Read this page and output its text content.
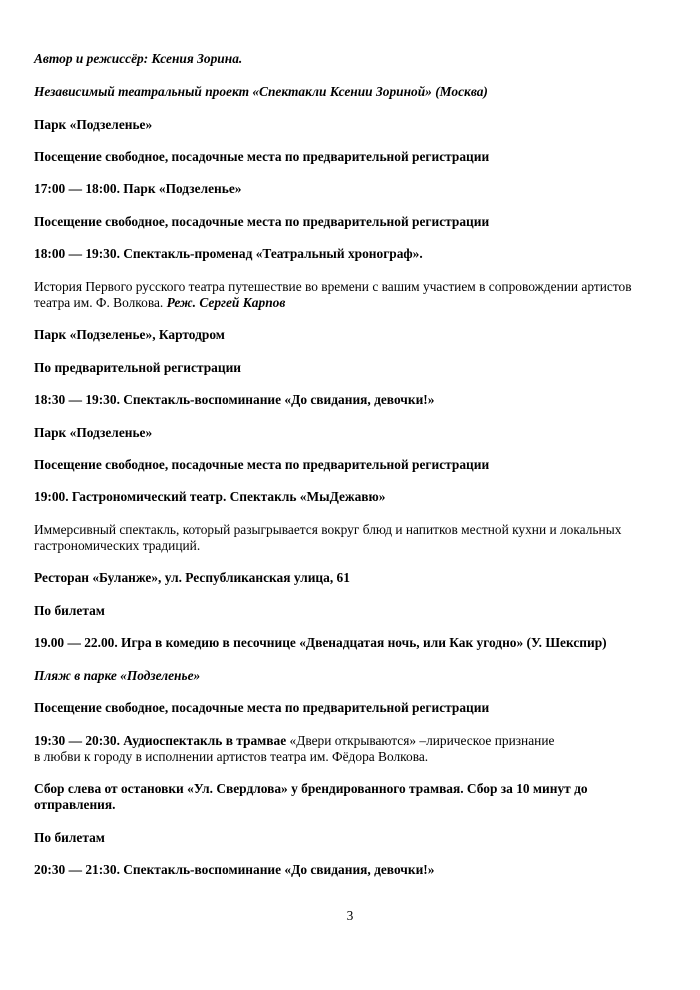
Автор и режиссёр: Ксения Зорина.

Независимый театральный проект «Спектакли Ксении Зориной» (Москва)

Парк «Подзеленье»

Посещение свободное, посадочные места по предварительной регистрации

17:00 — 18:00. Парк «Подзеленье»

Посещение свободное, посадочные места по предварительной регистрации

18:00 — 19:30. Спектакль-променад «Театральный хронограф».

История Первого русского театра путешествие во времени с вашим участием в сопровождении артистов
театра им. Ф. Волкова. Реж. Сергей Карпов

Парк «Подзеленье», Картодром

По предварительной регистрации

18:30 — 19:30. Спектакль-воспоминание «До свидания, девочки!»

Парк «Подзеленье»

Посещение свободное, посадочные места по предварительной регистрации

19:00. Гастрономический театр. Спектакль «МыДежавю»

Иммерсивный спектакль, который разыгрывается вокруг блюд и напитков местной кухни и локальных
гастрономических традиций.

Ресторан «Буланже», ул. Республиканская улица, 61

По билетам

19.00 — 22.00. Игра в комедию в песочнице «Двенадцатая ночь, или Как угодно» (У. Шекспир)

Пляж в парке «Подзеленье»

Посещение свободное, посадочные места по предварительной регистрации

19:30 — 20:30. Аудиоспектакль в трамвае «Двери открываются» –лирическое признание
в любви к городу в исполнении артистов театра им. Фёдора Волкова.
Сбор слева от остановки «Ул. Свердлова» у брендированного трамвая. Сбор за 10 минут до
отправления.

По билетам

20:30 — 21:30. Спектакль-воспоминание «До свидания, девочки!»

3
